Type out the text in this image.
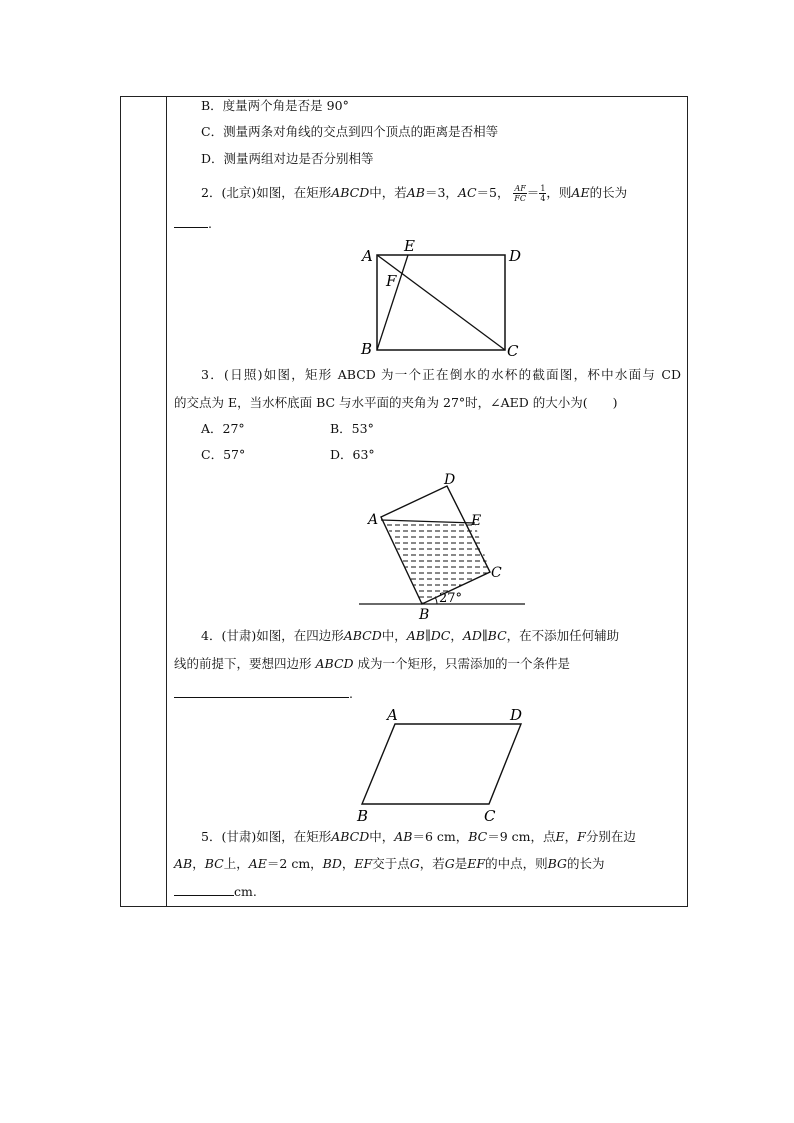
B．度量两个角是否是 90°
C．测量两条对角线的交点到四个顶点的距离是否相等
D．测量两组对边是否分别相等
2．(北京)如图，在矩形ABCD中，若AB＝3，AC＝5， $\frac{AF}{FC} = \frac{1}{4}$ ，则AE的长为
.
A
E
D
F
B	C
3．(日照)如图，矩形 ABCD 为一个正在倒水的水杯的截面图，杯中水面与 CD
的交点为 E，当水杯底面 BC 与水平面的夹角为 27°时，∠AED 的大小为(　　)
A．27°	B．53°
C．57°	D．63°
D
A	E
C
B
27°
4．(甘肃)如图，在四边形ABCD中，AB∥DC，AD∥BC，在不添加任何辅助
线的前提下，要想四边形 ABCD 成为一个矩形，只需添加的一个条件是
.
A	D
B	C
5．(甘肃)如图，在矩形ABCD中，AB＝6 cm，BC＝9 cm，点E，F分别在边
AB，BC上，AE＝2 cm，BD，EF交于点G，若G是EF的中点，则BG的长为
cm.
